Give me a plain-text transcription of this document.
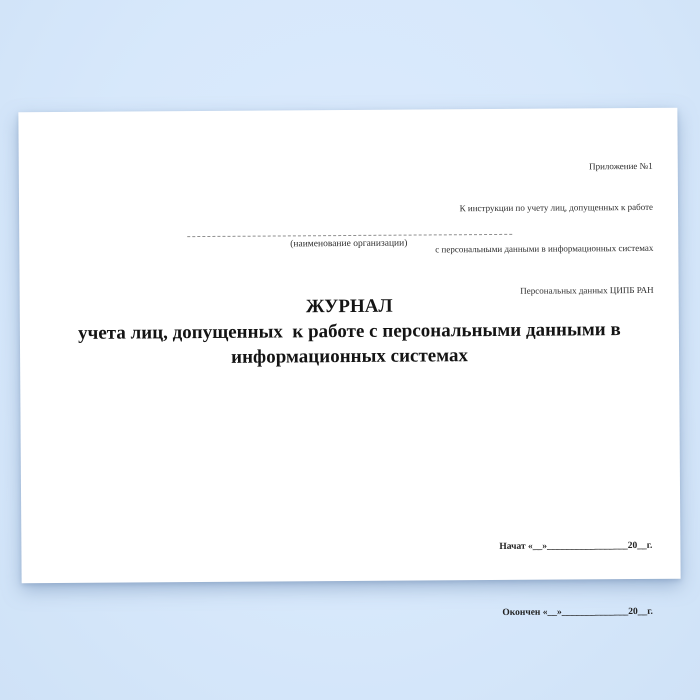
Приложение №1

К инструкции по учету лиц, допущенных к работе

с персональными данными в информационных системах

Персональных данных ЦИПБ РАН

(наименование организации)
ЖУРНАЛ
учета лиц, допущенных  к работе с персональными данными в
информационных системах

Начат «__»_________________20__г.

Окончен «__»______________20__г.
